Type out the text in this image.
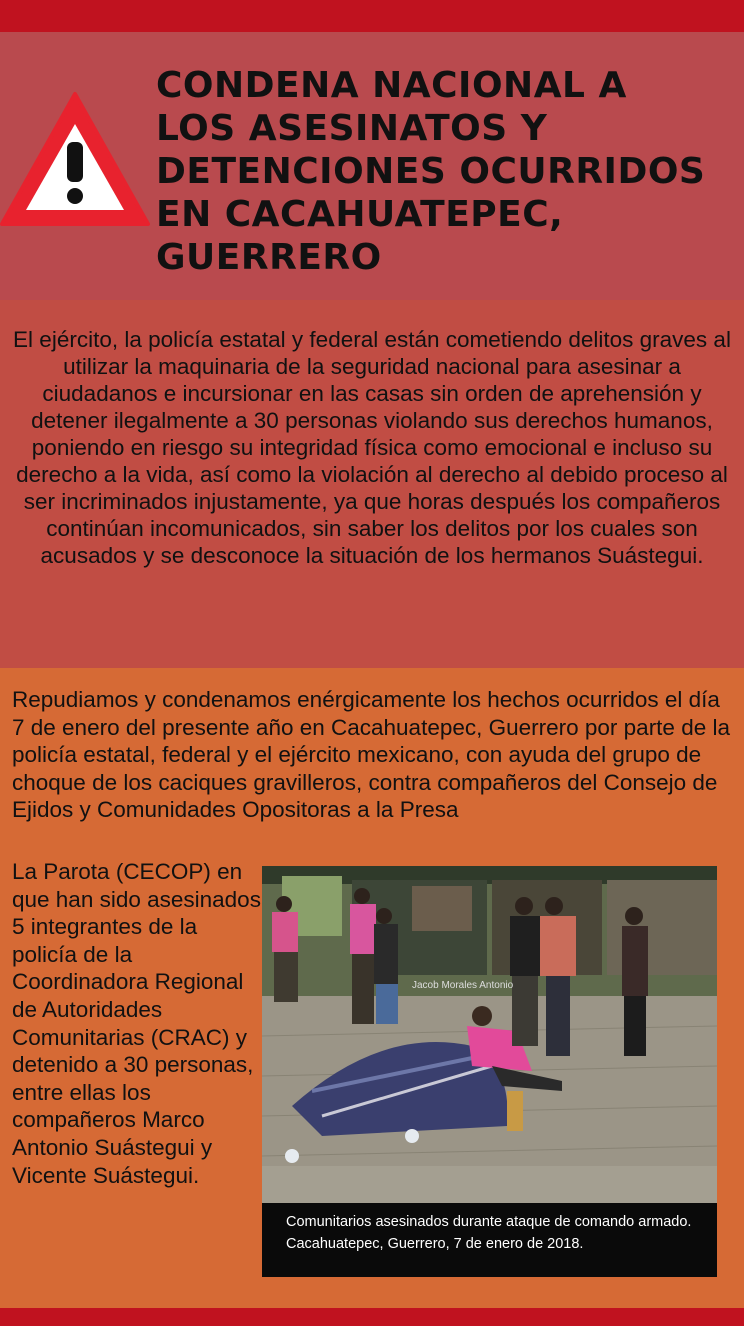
CONDENA NACIONAL A
LOS ASESINATOS Y
DETENCIONES OCURRIDOS
EN CACAHUATEPEC,
GUERRERO

El ejército, la policía estatal y federal están cometiendo delitos graves al utilizar la maquinaria de la seguridad nacional para asesinar a ciudadanos e incursionar en las casas sin orden de aprehensión y detener ilegalmente a 30 personas violando sus derechos humanos, poniendo en riesgo su integridad física como emocional e incluso su derecho a la vida, así como la violación al derecho al debido proceso al ser incriminados injustamente, ya que horas después los compañeros continúan incomunicados, sin saber los delitos por los cuales son acusados y se desconoce la situación de los hermanos Suástegui.

Repudiamos y condenamos enérgicamente los hechos ocurridos el día 7 de enero del presente año en Cacahuatepec, Guerrero por parte de la policía estatal, federal y el ejército mexicano, con ayuda del grupo de choque de los caciques gravilleros, contra compañeros del Consejo de Ejidos y Comunidades Opositoras a la Presa

La Parota (CECOP) en que han sido asesinados 5 integrantes de la policía de la Coordinadora Regional de Autoridades Comunitarias (CRAC) y detenido a 30 personas, entre ellas los compañeros Marco Antonio Suástegui y Vicente Suástegui.

Jacob Morales Antonio

Comunitarios asesinados durante ataque de comando armado. Cacahuatepec, Guerrero, 7 de enero de 2018.
